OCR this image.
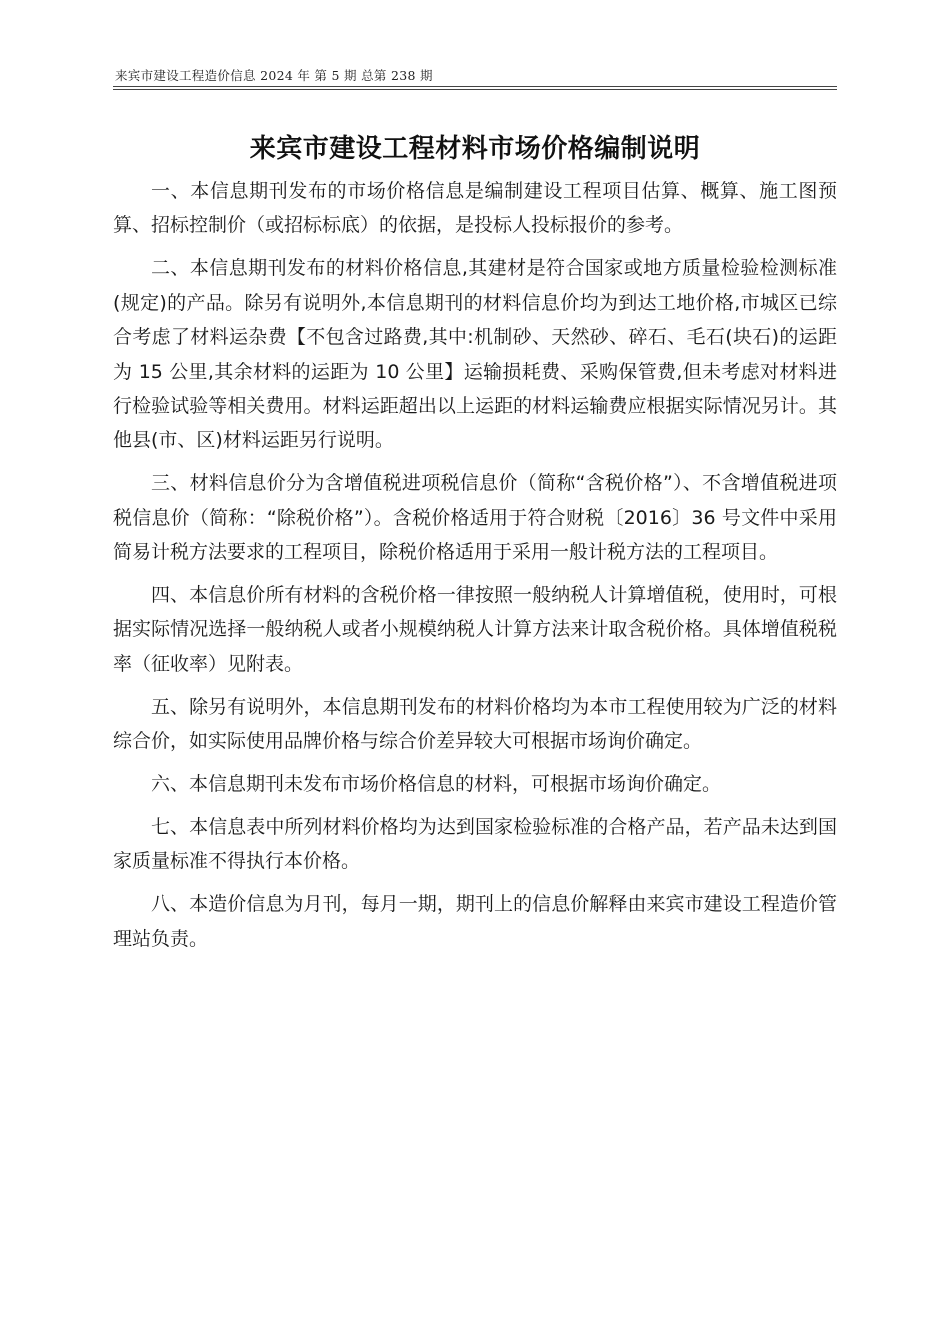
来宾市建设工程造价信息 2024 年 第 5 期 总第 238 期
来宾市建设工程材料市场价格编制说明

一、本信息期刊发布的市场价格信息是编制建设工程项目估算、概算、施工图预算、招标控制价（或招标标底）的依据，是投标人投标报价的参考。

二、本信息期刊发布的材料价格信息,其建材是符合国家或地方质量检验检测标准(规定)的产品。除另有说明外,本信息期刊的材料信息价均为到达工地价格,市城区已综合考虑了材料运杂费【不包含过路费,其中:机制砂、天然砂、碎石、毛石(块石)的运距为 15 公里,其余材料的运距为 10 公里】运输损耗费、采购保管费,但未考虑对材料进行检验试验等相关费用。材料运距超出以上运距的材料运输费应根据实际情况另计。其他县(市、区)材料运距另行说明。

三、材料信息价分为含增值税进项税信息价（简称“含税价格”）、不含增值税进项税信息价（简称：“除税价格”）。含税价格适用于符合财税〔2016〕36 号文件中采用简易计税方法要求的工程项目，除税价格适用于采用一般计税方法的工程项目。

四、本信息价所有材料的含税价格一律按照一般纳税人计算增值税，使用时，可根据实际情况选择一般纳税人或者小规模纳税人计算方法来计取含税价格。具体增值税税率（征收率）见附表。

五、除另有说明外，本信息期刊发布的材料价格均为本市工程使用较为广泛的材料综合价，如实际使用品牌价格与综合价差异较大可根据市场询价确定。

六、本信息期刊未发布市场价格信息的材料，可根据市场询价确定。

七、本信息表中所列材料价格均为达到国家检验标准的合格产品，若产品未达到国家质量标准不得执行本价格。

八、本造价信息为月刊，每月一期，期刊上的信息价解释由来宾市建设工程造价管理站负责。
